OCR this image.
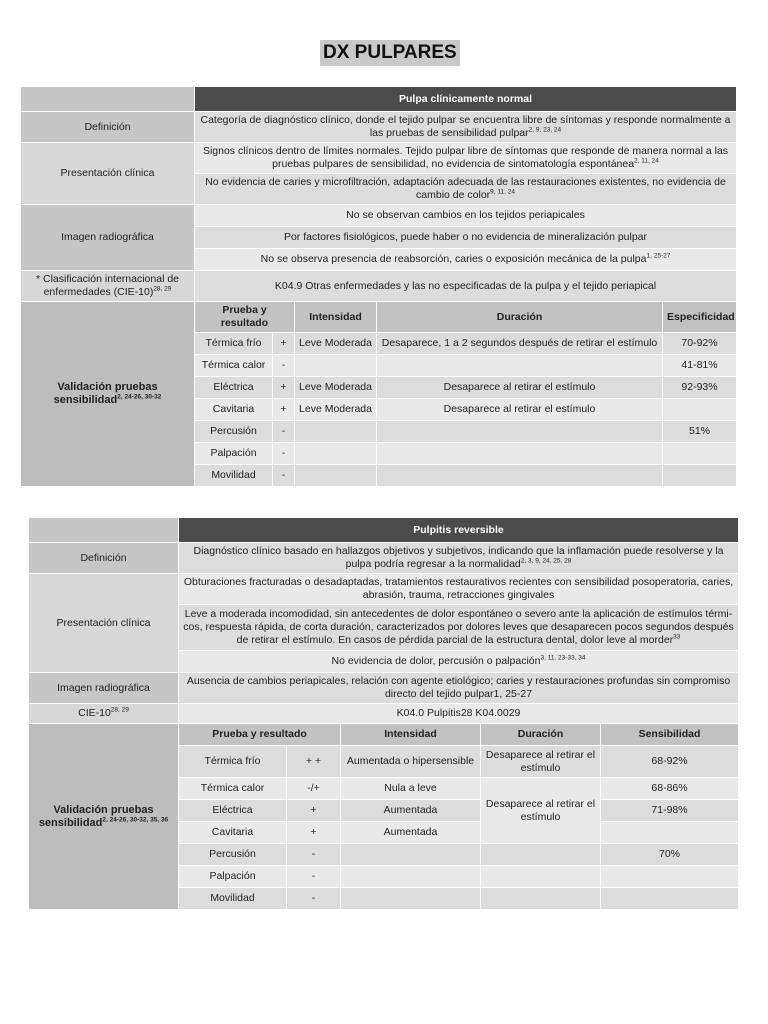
DX PULPARES
	Pulpa clínicamente normal				
Definición	Categoría de diagnóstico clínico, donde el tejido pulpar se encuentra libre de síntomas y responde normalmente a las pruebas de sensibilidad pulpar$^{2, 9, 23, 24}$
Presentación clínica	Signos clínicos dentro de límites normales. Tejido pulpar libre de síntomas que responde de manera normal a las pruebas pulpares de sensibilidad, no evidencia de sintomatología espontánea$^{2, 11, 24}$
	No evidencia de caries y microfiltración, adaptación adecuada de las restauraciones existentes, no evidencia de cambio de color$^{9, 11, 24}$
Imagen radiográfica	No se observan cambios en los tejidos periapicales				
	Por factores fisiológicos, puede haber o no evidencia de mineralización pulpar				
	No se observa presencia de reabsorción, caries o exposición mecánica de la pulpa$^{1, 25-27}$
* Clasificación internacional de enfermedades $(CIE-10)^{28, 29}$	K04.9 Otras enfermedades y las no especificadas de la pulpa y el tejido periapical				
Validación pruebas sensibilidad$^{2, 24-26, 30-32}$	Prueba y resultado		Intensidad	Duración	Especificidad
	Térmica frío	+	Leve Moderada	Desaparece, 1 a 2 segundos después de retirar el estímulo	70-92%
	Térmica calor	-			41-81%
	Eléctrica	+	Leve Moderada	Desaparece al retirar el estímulo	92-93%
	Cavitaria	+	Leve Moderada	Desaparece al retirar el estímulo	
	Percusión	-			51%
	Palpación	-			
	Movilidad	-			
	Pulpitis reversible				
Definición	Diagnóstico clínico basado en hallazgos objetivos y subjetivos, indicando que la inflamación puede resolverse y la pulpa podría regresar a la normalidad$^{2, 3, 9, 24, 25, 28}$
Presentación clínica	Obturaciones fracturadas o desadaptadas, tratamientos restaurativos recientes con sensibilidad posoperatoria, caries, abrasión, trauma, retracciones gingivales				
	Leve a moderada incomodidad, sin antecedentes de dolor espontáneo o severo ante la aplicación de estímulos térmi-cos, respuesta rápida, de corta duración, caracterizados por dolores leves que desaparecen pocos segundos después de retirar el estímulo. En casos de pérdida parcial de la estructura dental, dolor leve al morder$^{33}$
	No evidencia de dolor, percusión o palpación$^{3, 11, 23-33, 34}$
Imagen radiográfica	Ausencia de cambios periapicales, relación con agente etiológico; caries y restauraciones profundas sin compromiso directo del tejido pulpar1, 25-27				
CIE-10$^{28, 29}$	K04.0 Pulpitis28 K04.0029				
Validación pruebas sensibilidad$^{2, 24-26, 30-32, 35, 36}$	Prueba y resultado		Intensidad	Duración	Sensibilidad
	Térmica frío	+ +	Aumentada o hipersensible	Desaparece al retirar el estímulo	68-92%
	Térmica calor	-/+	Nula a leve	Desaparece al retirar el estímulo	68-86%
	Eléctrica	+	Aumentada		71-98%
	Cavitaria	+	Aumentada		
	Percusión	-			70%
	Palpación	-			
	Movilidad	-			
